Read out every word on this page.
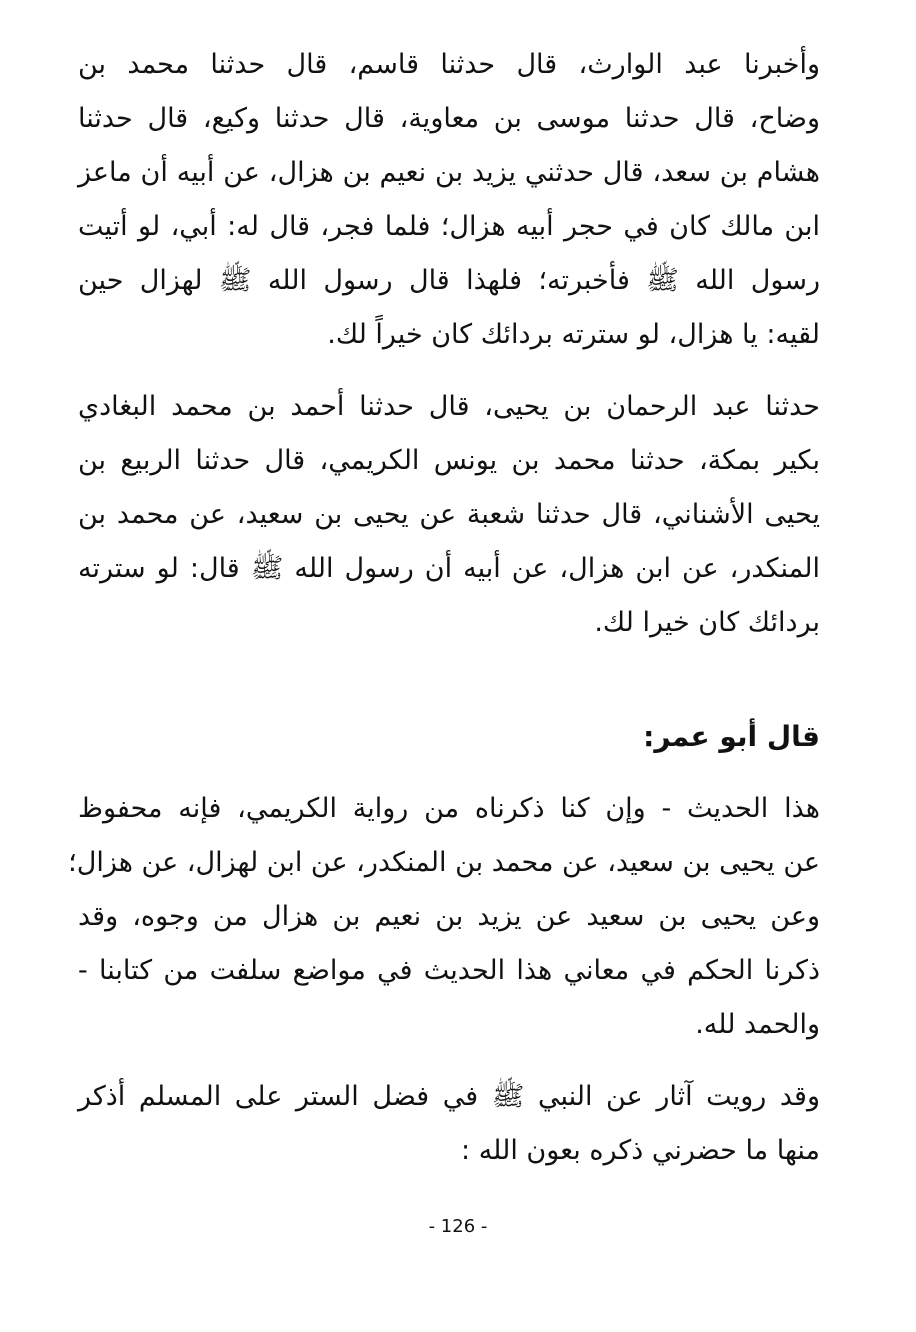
وأخبرنا عبد الوارث، قال حدثنا قاسم، قال حدثنا محمد بن
وضاح، قال حدثنا موسى بن معاوية، قال حدثنا وكيع، قال حدثنا
هشام بن سعد، قال حدثني يزيد بن نعيم بن هزال، عن أبيه أن ماعز
ابن مالك كان في حجر أبيه هزال؛ فلما فجر، قال له: أبي، لو أتيت
رسول الله ﷺ فأخبرته؛ فلهذا قال رسول الله ﷺ لهزال حين
لقيه: يا هزال، لو سترته بردائك كان خيراً لك.
حدثنا عبد الرحمان بن يحيى، قال حدثنا أحمد بن محمد البغادي
بكير بمكة، حدثنا محمد بن يونس الكريمي، قال حدثنا الربيع بن
يحيى الأشناني، قال حدثنا شعبة عن يحيى بن سعيد، عن محمد بن
المنكدر، عن ابن هزال، عن أبيه أن رسول الله ﷺ قال: لو سترته
بردائك كان خيرا لك.
قال أبو عمر:
هذا الحديث - وإن كنا ذكرناه من رواية الكريمي، فإنه محفوظ
عن يحيى بن سعيد، عن محمد بن المنكدر، عن ابن لهزال، عن هزال؛
وعن يحيى بن سعيد عن يزيد بن نعيم بن هزال من وجوه، وقد
ذكرنا الحكم في معاني هذا الحديث في مواضع سلفت من كتابنا -
والحمد لله.
وقد رويت آثار عن النبي ﷺ في فضل الستر على المسلم أذكر
منها ما حضرني ذكره بعون الله :
- 126 -
